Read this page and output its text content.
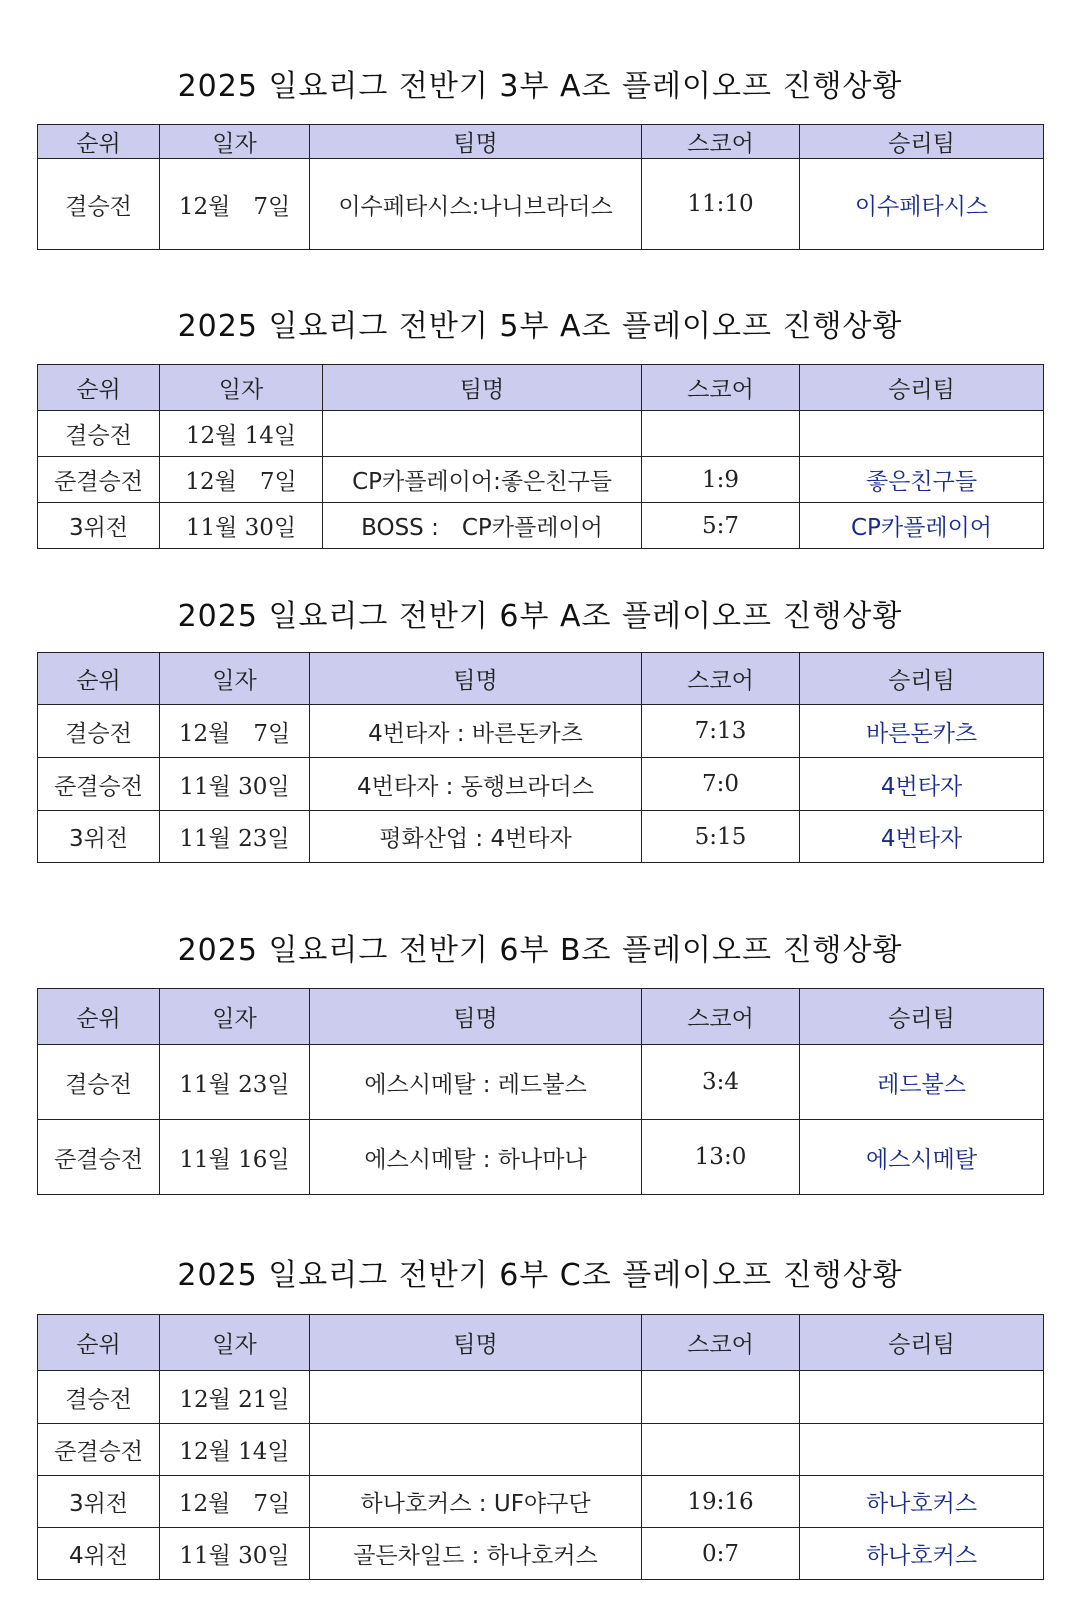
2025 일요리그 전반기 3부 A조 플레이오프 진행상황
순위	일자	팀명	스코어	승리팀
결승전	12월　7일	이수페타시스:나니브라더스	11:10	이수페타시스
2025 일요리그 전반기 5부 A조 플레이오프 진행상황
순위	일자	팀명	스코어	승리팀
결승전	12월 14일			
준결승전	12월　7일	CP카플레이어:좋은친구들	1:9	좋은친구들
3위전	11월 30일	BOSS :　CP카플레이어	5:7	CP카플레이어
2025 일요리그 전반기 6부 A조 플레이오프 진행상황
순위	일자	팀명	스코어	승리팀
결승전	12월　7일	4번타자 : 바른돈카츠	7:13	바른돈카츠
준결승전	11월 30일	4번타자 : 동행브라더스	7:0	4번타자
3위전	11월 23일	평화산업 : 4번타자	5:15	4번타자
2025 일요리그 전반기 6부 B조 플레이오프 진행상황
순위	일자	팀명	스코어	승리팀
결승전	11월 23일	에스시메탈 : 레드불스	3:4	레드불스
준결승전	11월 16일	에스시메탈 : 하나마나	13:0	에스시메탈
2025 일요리그 전반기 6부 C조 플레이오프 진행상황
순위	일자	팀명	스코어	승리팀
결승전	12월 21일			
준결승전	12월 14일			
3위전	12월　7일	하나호커스 : UF야구단	19:16	하나호커스
4위전	11월 30일	골든차일드 : 하나호커스	0:7	하나호커스
